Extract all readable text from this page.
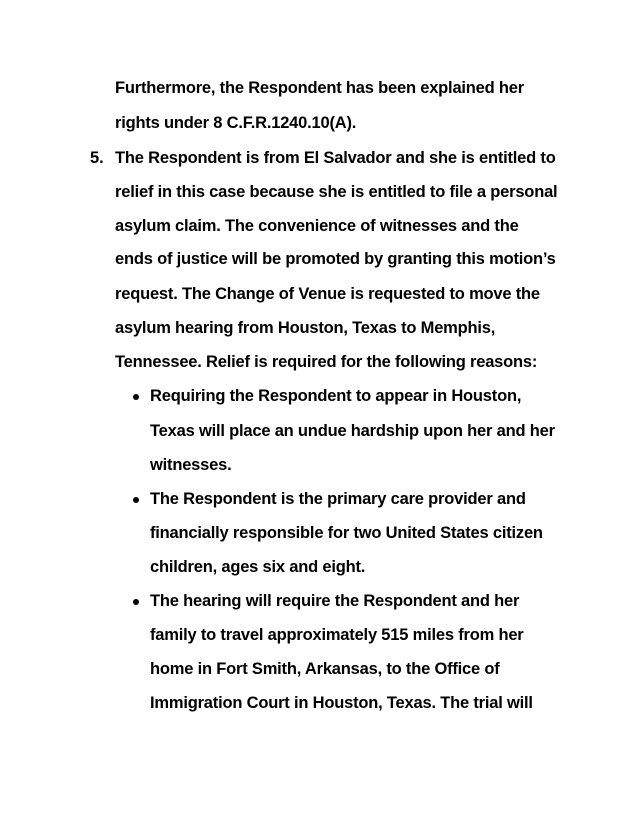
Furthermore, the Respondent has been explained her
rights under 8 C.F.R.1240.10(A).
5. The Respondent is from El Salvador and she is entitled to
relief in this case because she is entitled to file a personal
asylum claim. The convenience of witnesses and the
ends of justice will be promoted by granting this motion’s
request. The Change of Venue is requested to move the
asylum hearing from Houston, Texas to Memphis,
Tennessee. Relief is required for the following reasons:
Requiring the Respondent to appear in Houston,
Texas will place an undue hardship upon her and her
witnesses.
The Respondent is the primary care provider and
financially responsible for two United States citizen
children, ages six and eight.
The hearing will require the Respondent and her
family to travel approximately 515 miles from her
home in Fort Smith, Arkansas, to the Office of
Immigration Court in Houston, Texas. The trial will
